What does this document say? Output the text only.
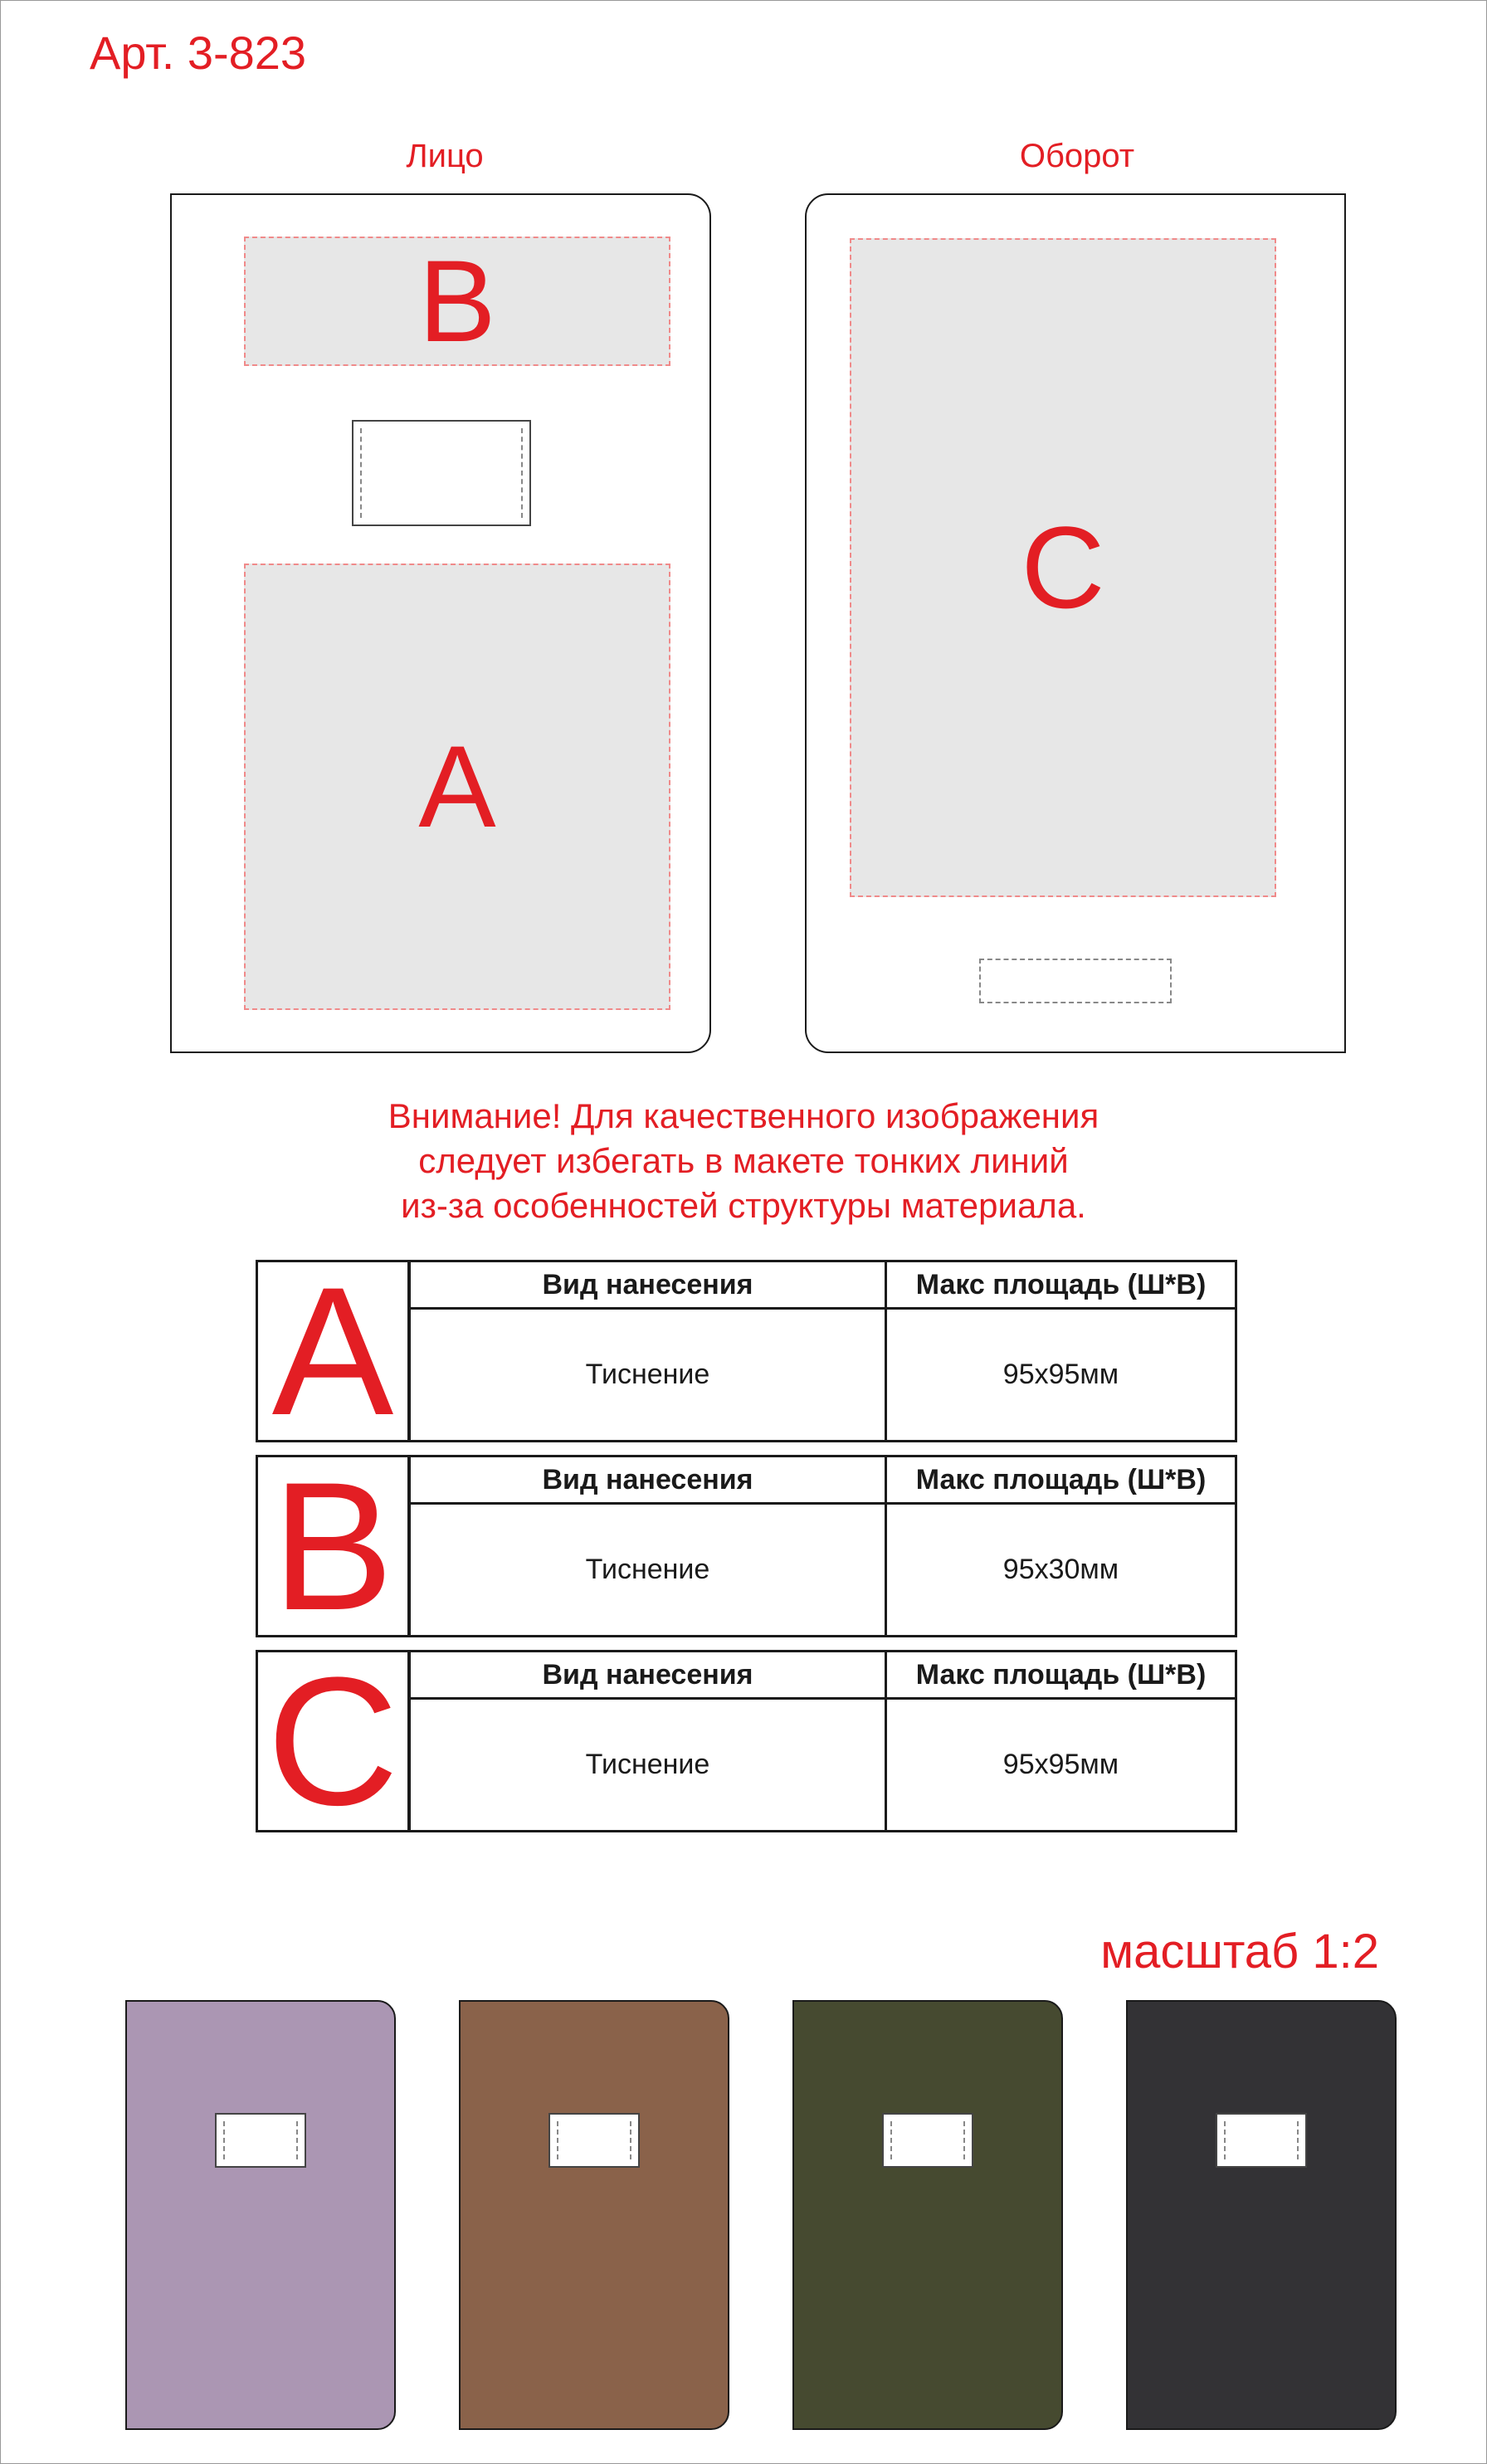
Арт. 3-823
Лицо
B
A
Оборот
C
Внимание! Для качественного изображения
следует избегать в макете тонких линий
из-за особенностей структуры материала.
A	Вид нанесения	Макс площадь (Ш*В)
Тиснение	95х95мм
B	Вид нанесения	Макс площадь (Ш*В)
Тиснение	95х30мм
C	Вид нанесения	Макс площадь (Ш*В)
Тиснение	95х95мм
масштаб 1:2
